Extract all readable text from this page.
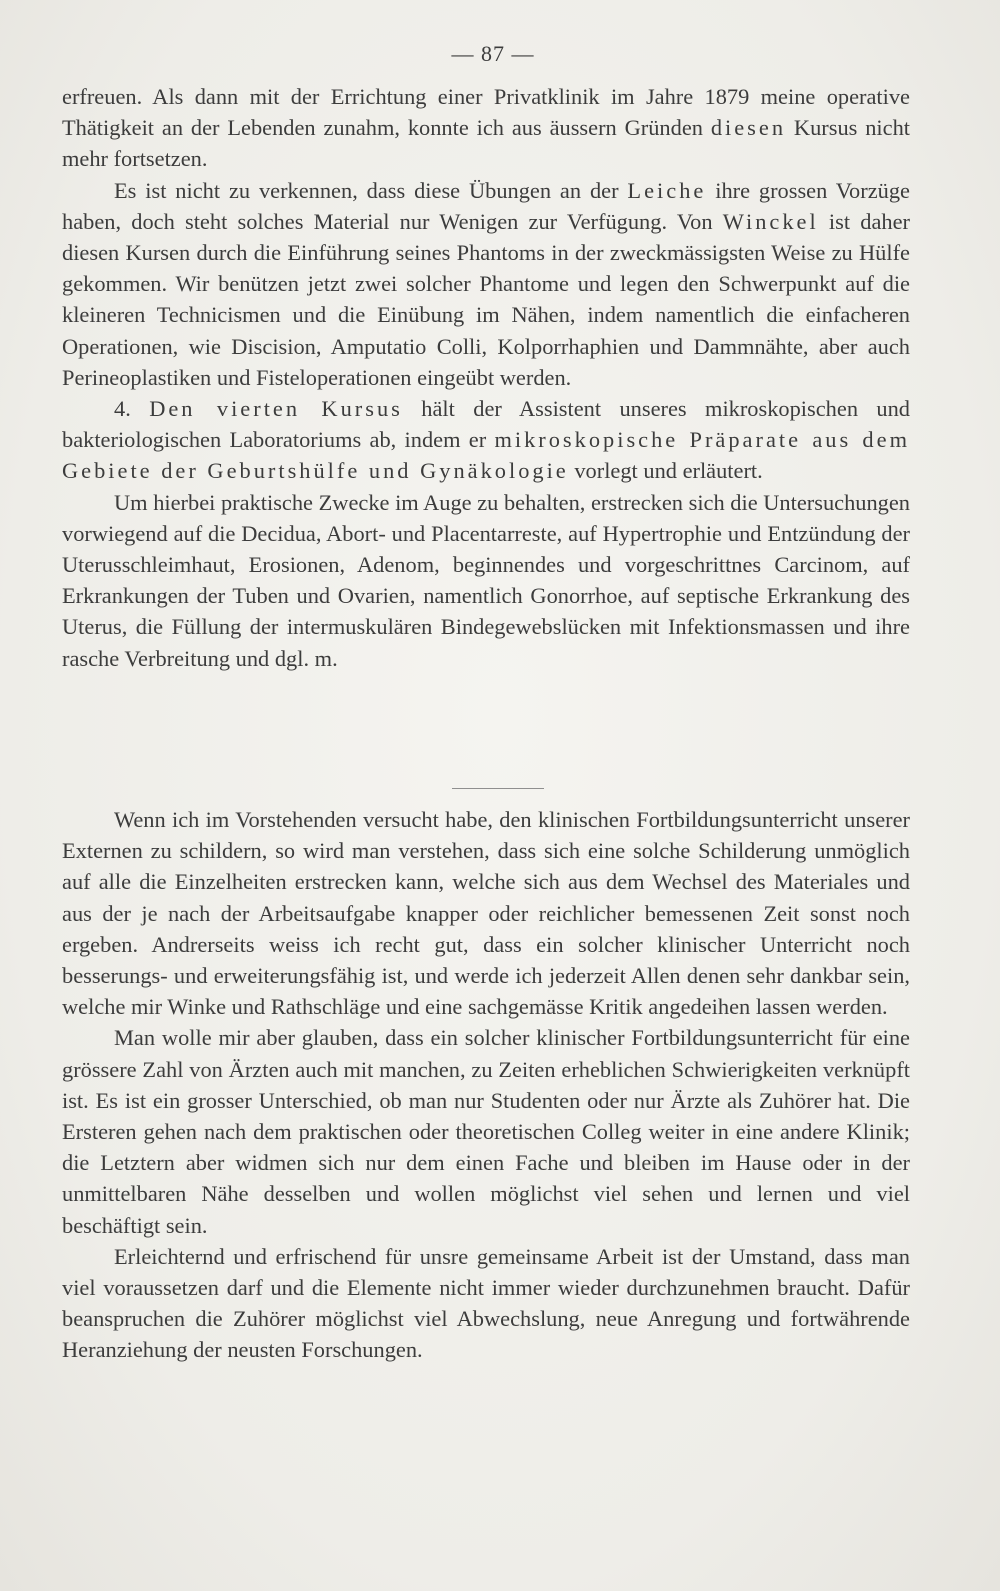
— 87 —

erfreuen. Als dann mit der Errichtung einer Privatklinik im Jahre 1879 meine operative Thätigkeit an der Lebenden zunahm, konnte ich aus äussern Gründen diesen Kursus nicht mehr fortsetzen.

Es ist nicht zu verkennen, dass diese Übungen an der Leiche ihre grossen Vorzüge haben, doch steht solches Material nur Wenigen zur Verfügung. Von Winckel ist daher diesen Kursen durch die Einführung seines Phantoms in der zweckmässigsten Weise zu Hülfe gekommen. Wir benützen jetzt zwei solcher Phantome und legen den Schwerpunkt auf die kleineren Technicismen und die Einübung im Nähen, indem namentlich die einfacheren Operationen, wie Discision, Amputatio Colli, Kolporrhaphien und Dammnähte, aber auch Perineoplastiken und Fisteloperationen eingeübt werden.

4. Den vierten Kursus hält der Assistent unseres mikroskopischen und bakteriologischen Laboratoriums ab, indem er mikroskopische Präparate aus dem Gebiete der Geburtshülfe und Gynäkologie vorlegt und erläutert.

Um hierbei praktische Zwecke im Auge zu behalten, erstrecken sich die Untersuchungen vorwiegend auf die Decidua, Abort- und Placentarreste, auf Hypertrophie und Entzündung der Uterusschleimhaut, Erosionen, Adenom, beginnendes und vorgeschrittnes Carcinom, auf Erkrankungen der Tuben und Ovarien, namentlich Gonorrhoe, auf septische Erkrankung des Uterus, die Füllung der intermuskulären Bindegewebslücken mit Infektionsmassen und ihre rasche Verbreitung und dgl. m.

Wenn ich im Vorstehenden versucht habe, den klinischen Fortbildungsunterricht unserer Externen zu schildern, so wird man verstehen, dass sich eine solche Schilderung unmöglich auf alle die Einzelheiten erstrecken kann, welche sich aus dem Wechsel des Materiales und aus der je nach der Arbeitsaufgabe knapper oder reichlicher bemessenen Zeit sonst noch ergeben. Andrerseits weiss ich recht gut, dass ein solcher klinischer Unterricht noch besserungs- und erweiterungsfähig ist, und werde ich jederzeit Allen denen sehr dankbar sein, welche mir Winke und Rathschläge und eine sachgemässe Kritik angedeihen lassen werden.

Man wolle mir aber glauben, dass ein solcher klinischer Fortbildungsunterricht für eine grössere Zahl von Ärzten auch mit manchen, zu Zeiten erheblichen Schwierigkeiten verknüpft ist. Es ist ein grosser Unterschied, ob man nur Studenten oder nur Ärzte als Zuhörer hat. Die Ersteren gehen nach dem praktischen oder theoretischen Colleg weiter in eine andere Klinik; die Letztern aber widmen sich nur dem einen Fache und bleiben im Hause oder in der unmittelbaren Nähe desselben und wollen möglichst viel sehen und lernen und viel beschäftigt sein.

Erleichternd und erfrischend für unsre gemeinsame Arbeit ist der Umstand, dass man viel voraussetzen darf und die Elemente nicht immer wieder durchzunehmen braucht. Dafür beanspruchen die Zuhörer möglichst viel Abwechslung, neue Anregung und fortwährende Heranziehung der neusten Forschungen.
